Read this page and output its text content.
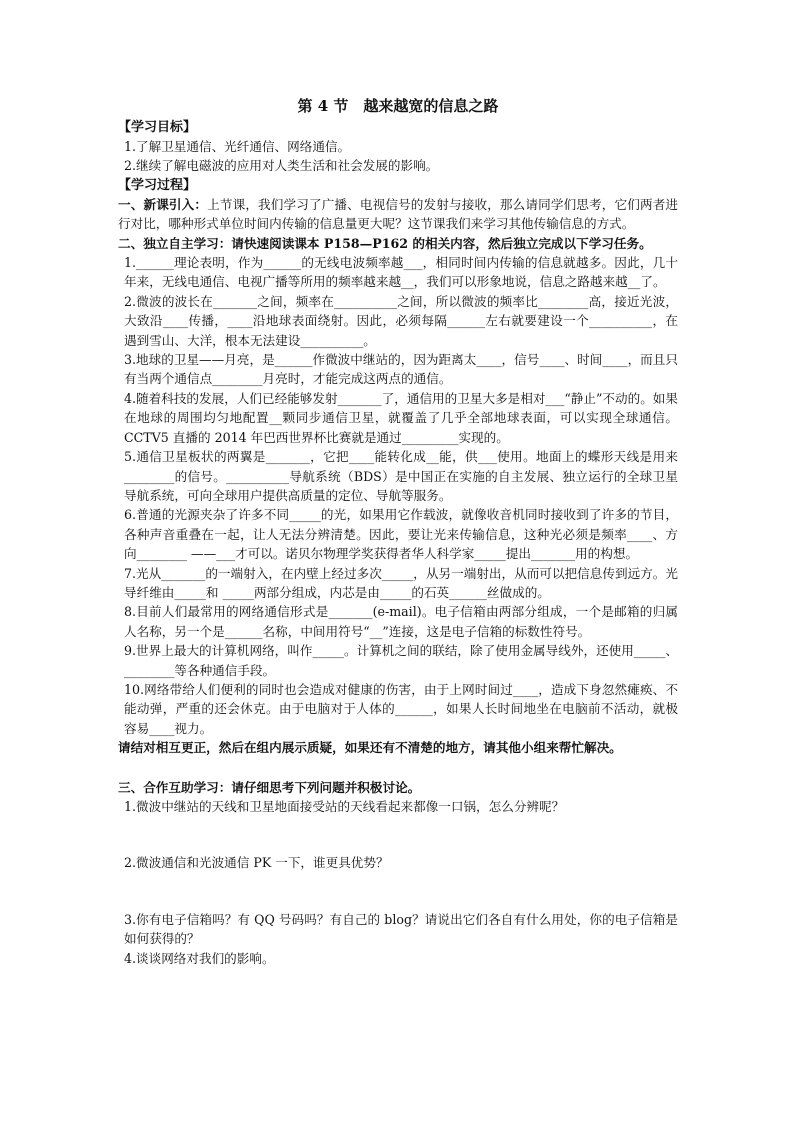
第 4 节　越来越宽的信息之路
【学习目标】

1.了解卫星通信、光纤通信、网络通信。

2.继续了解电磁波的应用对人类生活和社会发展的影响。

【学习过程】

一、新课引入：上节课，我们学习了广播、电视信号的发射与接收，那么请同学们思考，它们两者进行对比，哪种形式单位时间内传输的信息量更大呢？这节课我们来学习其他传输信息的方式。

二、独立自主学习：请快速阅读课本 P158—P162 的相关内容，然后独立完成以下学习任务。

1.______理论表明，作为______的无线电波频率越___，相同时间内传输的信息就越多。因此，几十年来，无线电通信、电视广播等所用的频率越来越__，我们可以形象地说，信息之路越来越__了。

2.微波的波长在_______之间，频率在__________之间，所以微波的频率比________高，接近光波，大致沿____传播，____沿地球表面绕射。因此，必须每隔______左右就要建设一个__________，在遇到雪山、大洋，根本无法建设__________。

3.地球的卫星——月亮，是______作微波中继站的，因为距离太____，信号____、时间____，而且只有当两个通信点________月亮时，才能完成这两点的通信。

4.随着科技的发展，人们已经能够发射_______了，通信用的卫星大多是相对___“静止”不动的。如果在地球的周围均匀地配置__颗同步通信卫星，就覆盖了几乎全部地球表面，可以实现全球通信。CCTV5 直播的 2014 年巴西世界杯比赛就是通过_________实现的。

5.通信卫星板状的两翼是_______，它把____能转化成__能，供___使用。地面上的蝶形天线是用来________的信号。__________导航系统（BDS）是中国正在实施的自主发展、独立运行的全球卫星导航系统，可向全球用户提供高质量的定位、导航等服务。

6.普通的光源夹杂了许多不同_____的光，如果用它作载波，就像收音机同时接收到了许多的节目，各种声音重叠在一起，让人无法分辨清楚。因此，要让光来传输信息，这种光必须是频率____、方向________ ——___才可以。诺贝尔物理学奖获得者华人科学家_____提出_______用的构想。

7.光从_______的一端射入，在内壁上经过多次_____，从另一端射出，从而可以把信息传到远方。光导纤维由_____和 _____两部分组成，内芯是由_____的石英______丝做成的。

8.目前人们最常用的网络通信形式是_______(e-mail)。电子信箱由两部分组成，一个是邮箱的归属人名称，另一个是______名称，中间用符号“__”连接，这是电子信箱的标数性符号。

9.世界上最大的计算机网络，叫作_____。计算机之间的联结，除了使用金属导线外，还使用_____、________等各种通信手段。

10.网络带给人们便利的同时也会造成对健康的伤害，由于上网时间过____，造成下身忽然瘫痪、不能动弹，严重的还会休克。由于电脑对于人体的______，如果人长时间地坐在电脑前不活动，就极容易____视力。

请结对相互更正，然后在组内展示质疑，如果还有不清楚的地方，请其他小组来帮忙解决。

三、合作互助学习：请仔细思考下列问题并积极讨论。

1.微波中继站的天线和卫星地面接受站的天线看起来都像一口锅，怎么分辨呢？

2.微波通信和光波通信 PK 一下，谁更具优势？

3.你有电子信箱吗？有 QQ 号码吗？有自己的 blog？请说出它们各自有什么用处，你的电子信箱是如何获得的？

4.谈谈网络对我们的影响。
